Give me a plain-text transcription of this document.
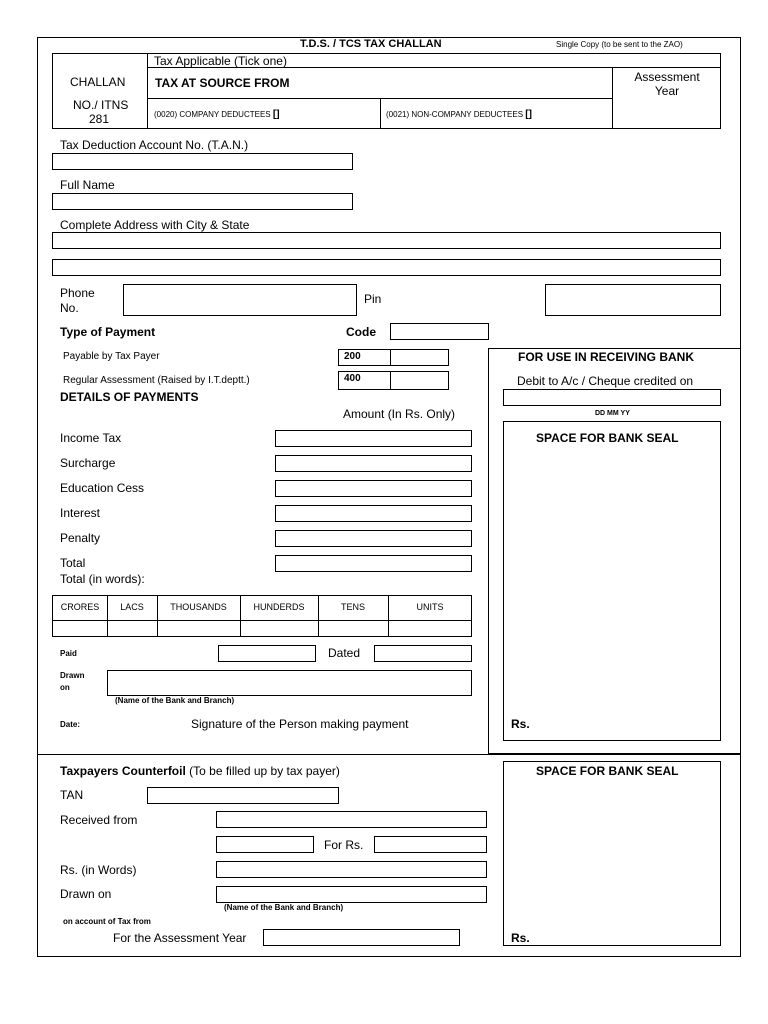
T.D.S. / TCS TAX CHALLAN	Single Copy (to be sent to the ZAO)
CHALLAN
NO./ ITNS
281
Tax Applicable (Tick one)
TAX AT SOURCE FROM
(0020) COMPANY DEDUCTEES []	(0021) NON-COMPANY DEDUCTEES []
Assessment Year
Tax Deduction Account No. (T.A.N.)
Full Name
Complete Address with City & State
Phone
No.
Pin
Type of Payment	Code
Payable by Tax Payer	200
Regular Assessment (Raised by I.T.deptt.)	400
DETAILS OF PAYMENTS
Amount (In Rs. Only)
Income Tax
Surcharge
Education Cess
Interest
Penalty
Total
Total (in words):
CRORES	LACS	THOUSANDS	HUNDERDS	TENS	UNITS
Paid	Dated
Drawn
on
(Name of the Bank and Branch)
Date:	Signature of the Person making payment
FOR USE IN RECEIVING BANK
Debit to A/c / Cheque credited on
DD MM YY
SPACE FOR BANK SEAL
Rs.
Taxpayers Counterfoil (To be filled up by tax payer)
TAN
Received from
For Rs.
Rs. (in Words)
Drawn on
(Name of the Bank and Branch)
on account of Tax from
For the Assessment Year
SPACE FOR BANK SEAL
Rs.
